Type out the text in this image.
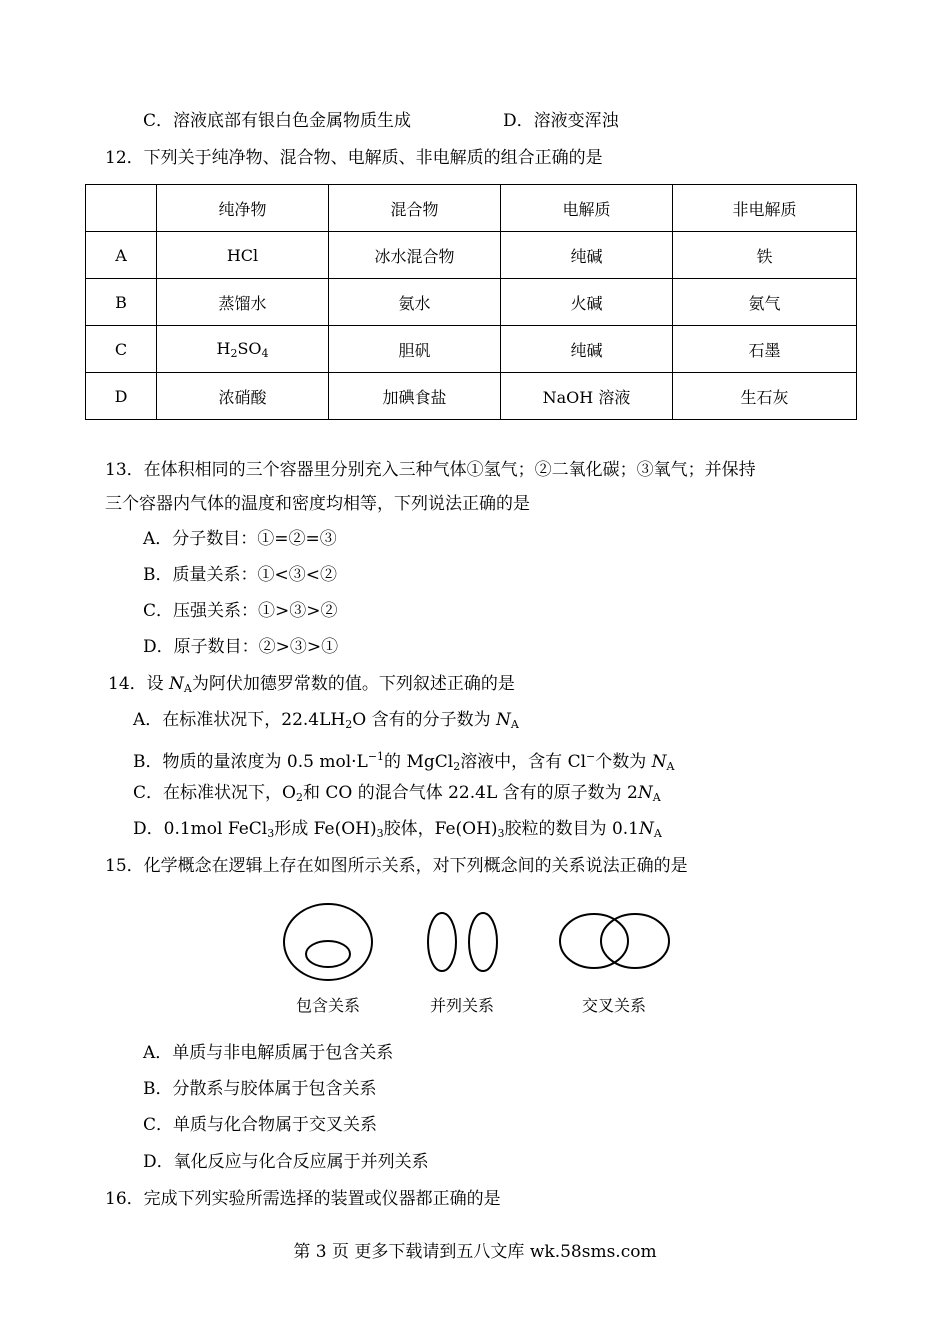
C．溶液底部有银白色金属物质生成	D．溶液变浑浊
12．下列关于纯净物、混合物、电解质、非电解质的组合正确的是
	纯净物	混合物	电解质	非电解质
A	HCl	冰水混合物	纯碱	铁
B	蒸馏水	氨水	火碱	氨气
C	$H_2SO_4$	胆矾	纯碱	石墨
D	浓硝酸	加碘食盐	NaOH 溶液	生石灰
13．在体积相同的三个容器里分别充入三种气体①氢气；②二氧化碳；③氧气；并保持
三个容器内气体的温度和密度均相等，下列说法正确的是
A．分子数目：①=②=③
B．质量关系：①<③<②
C．压强关系：①>③>②
D．原子数目：②>③>①
14．设 $N_A$为阿伏加德罗常数的值。下列叙述正确的是
A．在标准状况下，$22.4LH_2O$ 含有的分子数为 $N_A$
B．物质的量浓度为 0.5 $mol\cdot L^{-1}$的 MgCl$_2$溶液中，含有 Cl−个数为 $N_A$
C．在标准状况下，$O_2$和 CO 的混合气体 22.4L 含有的原子数为 $2N_A$
D．0.1mol FeCl$_3$形成 $Fe(OH)_3$胶体，$Fe(OH)_3$胶粒的数目为 $0.1N_A$
15．化学概念在逻辑上存在如图所示关系，对下列概念间的关系说法正确的是
包含关系	并列关系	交叉关系
A．单质与非电解质属于包含关系
B．分散系与胶体属于包含关系
C．单质与化合物属于交叉关系
D．氧化反应与化合反应属于并列关系
16．完成下列实验所需选择的装置或仪器都正确的是
第 3 页 更多下载请到五八文库 wk.58sms.com
